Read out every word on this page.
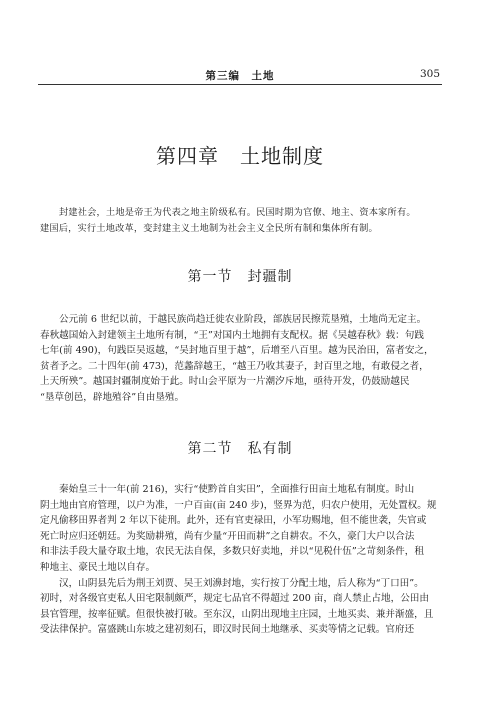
第三编　土地	305
第四章　土地制度
封建社会，土地是帝王为代表之地主阶级私有。民国时期为官僚、地主、资本家所有。
建国后，实行土地改革，变封建主义土地制为社会主义全民所有制和集体所有制。
第一节　封疆制
公元前 6 世纪以前，于越民族尚趋迁徙农业阶段，部族居民擦荒垦殖，土地尚无定主。
春秋越国始入封建领主土地所有制，“王”对国内土地拥有支配权。据《吴越春秋》载：句践
七年(前 490)，句践臣吴返越，“吴封地百里于越”，后增至八百里。越为民治田，富者安之，
贫者予之。二十四年(前 473)，范蠡辞越王，“越王乃收其妻子，封百里之地，有敢侵之者，
上天所殃”。越国封疆制度始于此。时山会平原为一片潮汐斥地，亟待开发，仍鼓励越民
“垦草创邑，辟地殖谷”自由垦殖。
第二节　私有制
秦始皇三十一年(前 216)，实行“使黔首自实田”，全面推行田亩土地私有制度。时山
阴土地由官府管理，以户为准，一户百亩(亩 240 步)，竖界为范，归农户使用，无处置权。规
定凡偷移田界者判 2 年以下徒刑。此外，还有官吏禄田，小军功赐地，但不能世袭，失官或
死亡时应归还朝廷。为奖励耕殖，尚有少量“开田而耕”之自耕农。不久，豪门大户以合法
和非法手段大量夺取土地，农民无法自保，多数只好卖地，并以“见税什伍”之苛刻条件，租
种地主、豪民土地以自存。
汉，山阴县先后为荆王刘贾、吴王刘濞封地，实行按丁分配土地，后人称为“丁口田”。
初时，对各级官吏私人田宅限制颇严，规定七品官不得超过 200 亩，商人禁止占地，公田由
县官管理，按率征赋。但很快被打破。至东汉，山阴出现地主庄园，土地买卖、兼并渐盛，且
受法律保护。富盛跳山东坡之建初刻石，即汉时民间土地继承、买卖等情之记载。官府还
